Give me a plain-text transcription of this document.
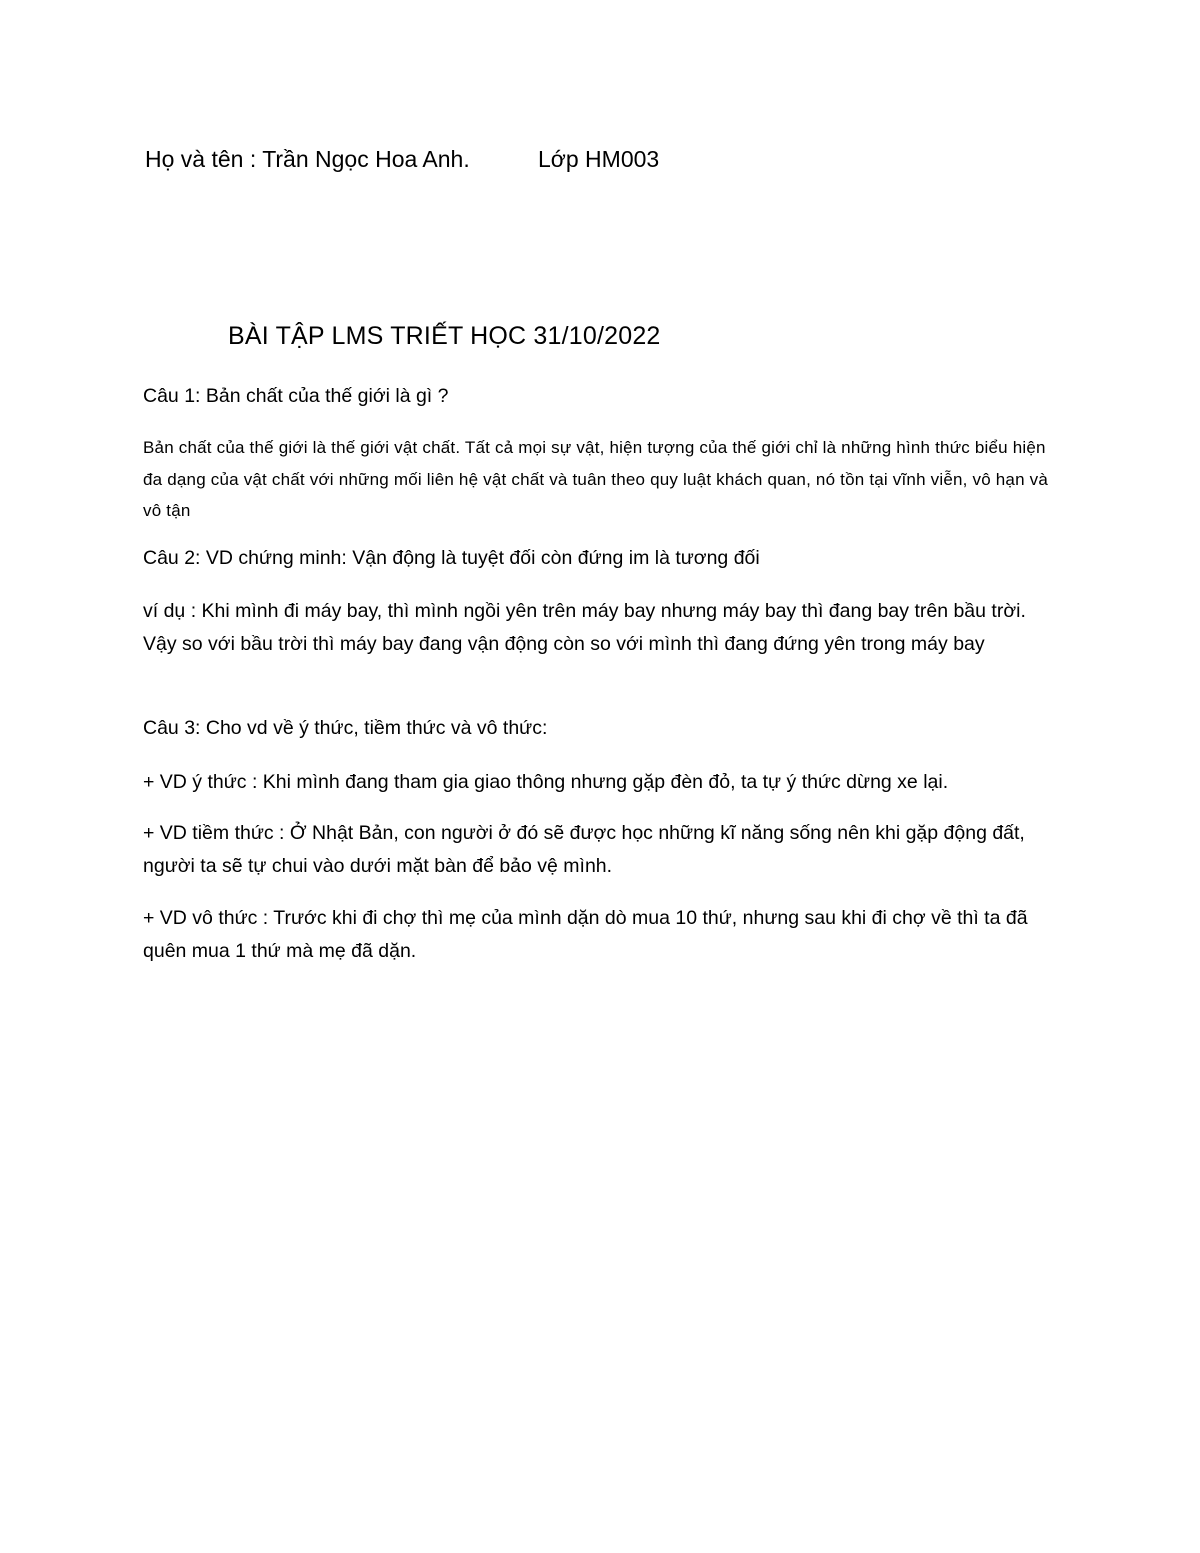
Họ và tên : Trần Ngọc Hoa Anh.	Lớp HM003
BÀI TẬP LMS TRIẾT HỌC 31/10/2022
Câu 1: Bản chất của thế giới là gì ?
Bản chất của thế giới là thế giới vật chất. Tất cả mọi sự vật, hiện tượng của thế giới chỉ là những hình thức biểu hiện đa dạng của vật chất với những mối liên hệ vật chất và tuân theo quy luật khách quan, nó tồn tại vĩnh viễn, vô hạn và vô tận
Câu 2: VD chứng minh: Vận động là tuyệt đối còn đứng im là tương đối
ví dụ : Khi mình đi máy bay, thì mình ngồi yên trên máy bay nhưng máy bay thì đang bay trên bầu trời. Vậy so với bầu trời thì máy bay đang vận động còn so với mình thì đang đứng yên trong máy bay
Câu 3: Cho vd về ý thức, tiềm thức và vô thức:
+ VD ý thức : Khi mình đang tham gia giao thông nhưng gặp đèn đỏ, ta tự ý thức dừng xe lại.
+ VD tiềm thức : Ở Nhật Bản, con người ở đó sẽ được học những kĩ năng sống nên khi gặp động đất, người ta sẽ tự chui vào dưới mặt bàn để bảo vệ mình.
+ VD vô thức : Trước khi đi chợ thì mẹ của mình dặn dò mua 10 thứ, nhưng sau khi đi chợ về thì ta đã quên mua 1 thứ mà mẹ đã dặn.
